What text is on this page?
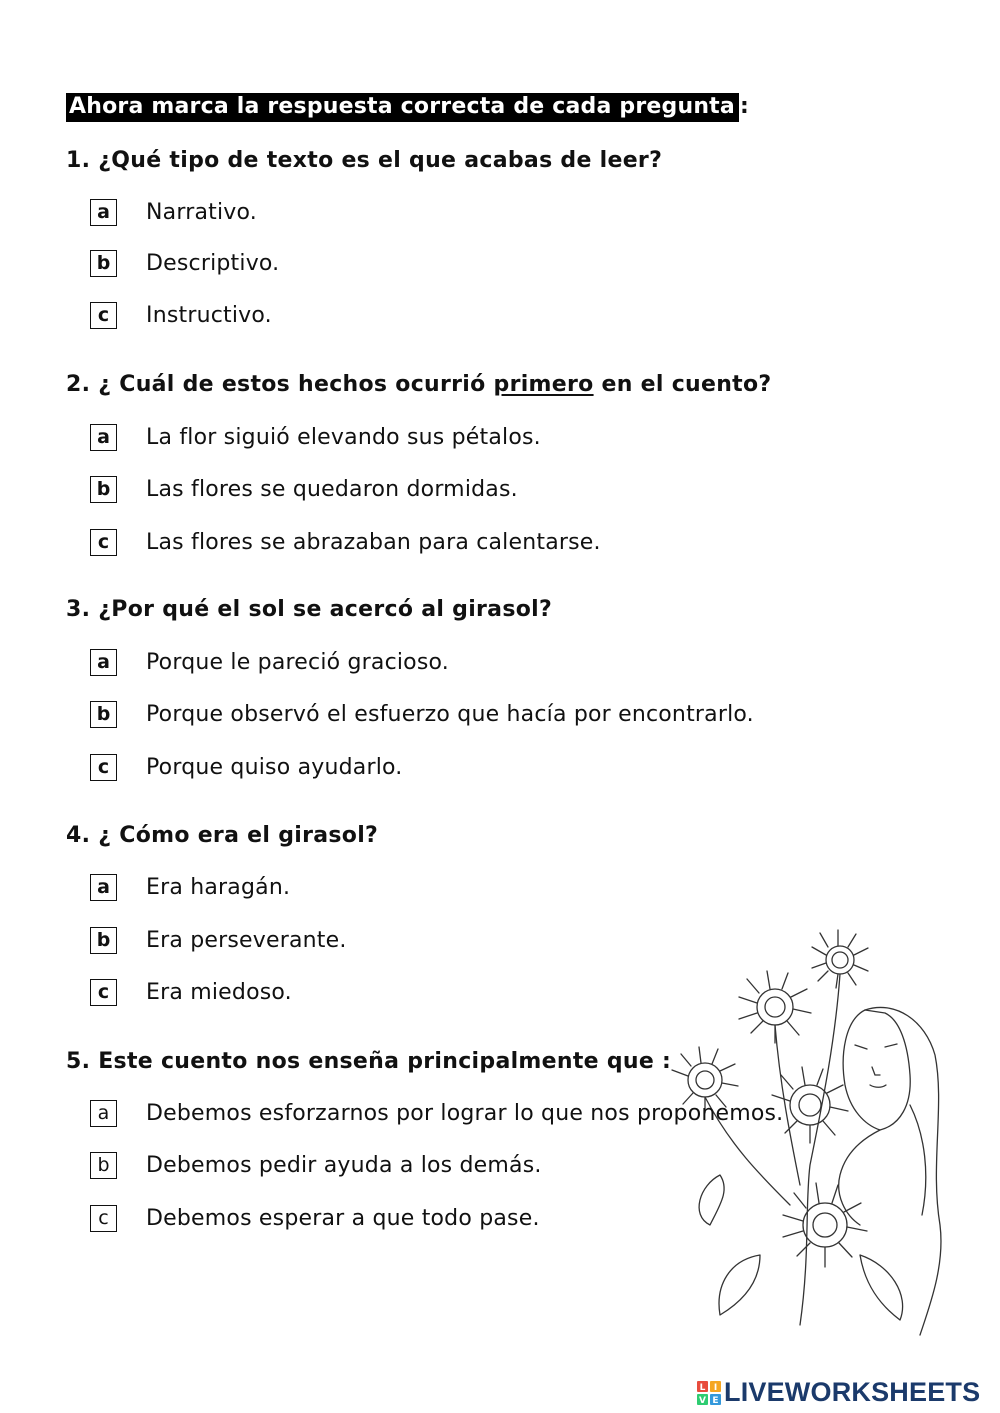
Ahora marca la respuesta correcta de cada pregunta :
1. ¿Qué tipo de texto es el que acabas de leer?
a	Narrativo.
b	Descriptivo.
c	Instructivo.
2. ¿ Cuál de estos hechos ocurrió primero en el cuento?
a	La flor siguió elevando sus pétalos.
b	Las flores se quedaron dormidas.
c	Las flores se abrazaban para calentarse.
3. ¿Por qué el sol se acercó al girasol?
a	Porque le pareció gracioso.
b	Porque observó el esfuerzo que hacía por encontrarlo.
c	Porque quiso ayudarlo.
4. ¿ Cómo era el girasol?
a	Era haragán.
b	Era perseverante.
c	Era miedoso.
5. Este cuento nos enseña principalmente que :
a	Debemos esforzarnos por lograr lo que nos proponemos.
b	Debemos pedir ayuda a los demás.
c	Debemos esperar a que todo pase.
L I
V E LIVEWORKSHEETS
